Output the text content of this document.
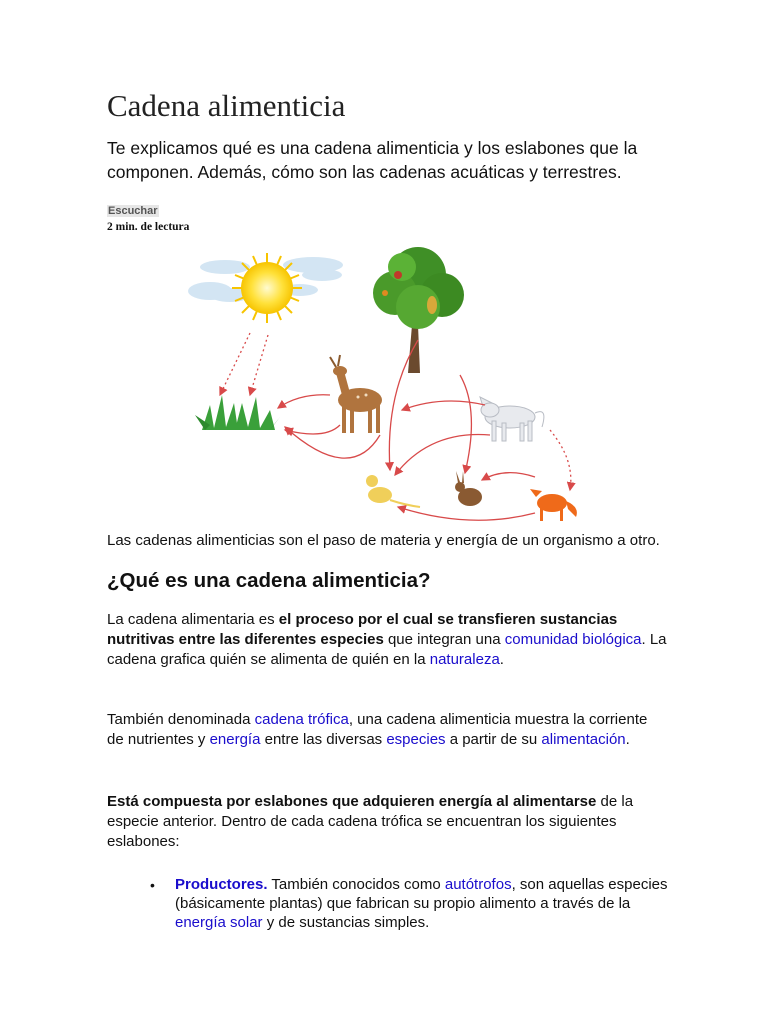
Cadena alimenticia

Te explicamos qué es una cadena alimenticia y los eslabones que la componen. Además, cómo son las cadenas acuáticas y terrestres.

Escuchar
2 min. de lectura

Las cadenas alimenticias son el paso de materia y energía de un organismo a otro.

¿Qué es una cadena alimenticia?

La cadena alimentaria es el proceso por el cual se transfieren sustancias nutritivas entre las diferentes especies que integran una comunidad biológica. La cadena grafica quién se alimenta de quién en la naturaleza.

También denominada cadena trófica, una cadena alimenticia muestra la corriente de nutrientes y energía entre las diversas especies a partir de su alimentación.

Está compuesta por eslabones que adquieren energía al alimentarse de la especie anterior. Dentro de cada cadena trófica se encuentran los siguientes eslabones:

• Productores. También conocidos como autótrofos, son aquellas especies (básicamente plantas) que fabrican su propio alimento a través de la energía solar y de sustancias simples.
